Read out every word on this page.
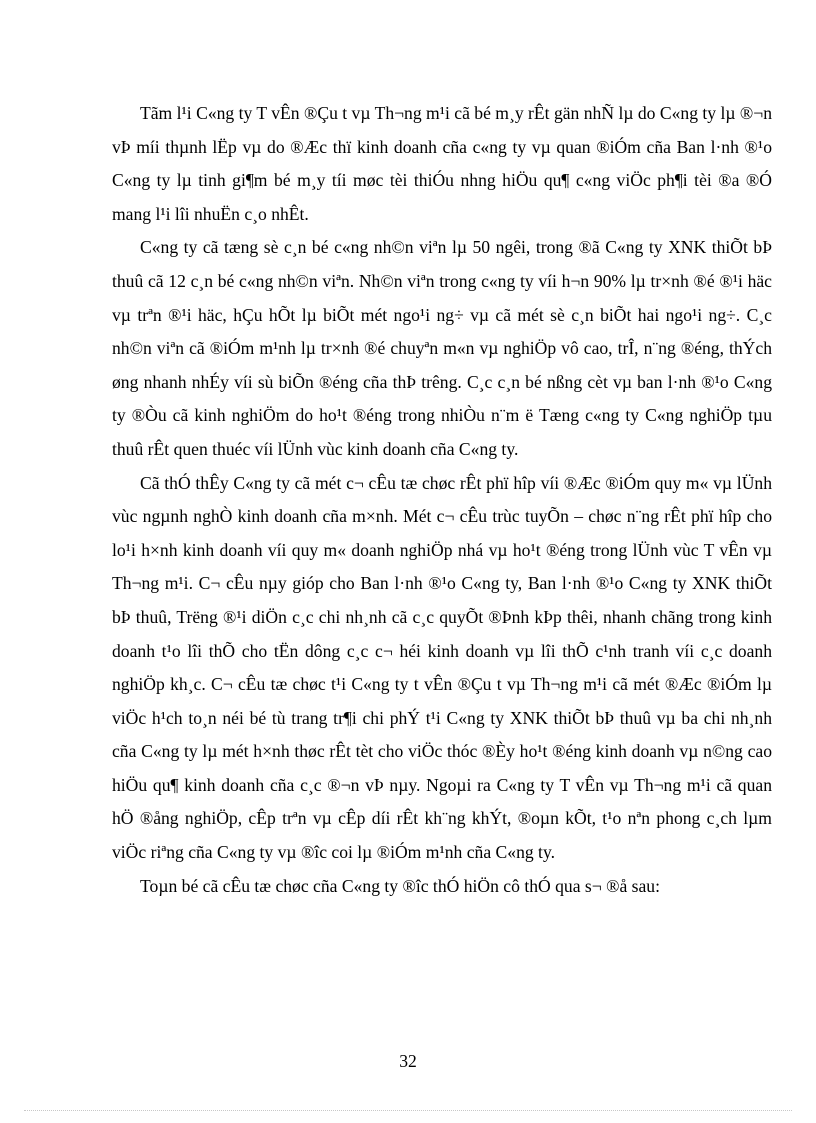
Tãm l¹i C«ng ty T vÊn ®Çu t vµ Th¬ng m¹i cã bé m¸y rÊt gän nhÑ lµ do C«ng ty lµ ®¬n vÞ míi thµnh lËp vµ do ®Æc thï kinh doanh cña c«ng ty vµ quan ®iÓm cña Ban l·nh ®¹o C«ng ty lµ tinh gi¶m bé m¸y tíi møc tèi thiÓu nhng hiÖu qu¶ c«ng viÖc ph¶i tèi ®a ®Ó mang l¹i lîi nhuËn c¸o nhÊt.

C«ng ty cã tæng sè c¸n bé c«ng nh©n viªn lµ 50 ngêi, trong ®ã C«ng ty XNK thiÕt bÞ thuû cã 12 c¸n bé c«ng nh©n viªn. Nh©n viªn trong c«ng ty víi h¬n 90% lµ tr×nh ®é ®¹i häc vµ trªn ®¹i häc, hÇu hÕt lµ biÕt mét ngo¹i ng÷ vµ cã mét sè c¸n biÕt hai ngo¹i ng÷. C¸c nh©n viªn cã ®iÓm m¹nh lµ tr×nh ®é chuyªn m«n vµ nghiÖp vô cao, trÎ, n¨ng ®éng, thÝch øng nhanh nhÉy víi sù biÕn ®éng cña thÞ trêng. C¸c c¸n bé nßng cèt vµ ban l·nh ®¹o C«ng ty ®Òu cã kinh nghiÖm do ho¹t ®éng trong nhiÒu n¨m ë Tæng c«ng ty C«ng nghiÖp tµu thuû rÊt quen thuéc víi lÜnh vùc kinh doanh cña C«ng ty.

Cã thÓ thÊy C«ng ty cã mét c¬ cÊu tæ chøc rÊt phï hîp víi ®Æc ®iÓm quy m« vµ lÜnh vùc ngµnh nghÒ kinh doanh cña m×nh. Mét c¬ cÊu trùc tuyÕn – chøc n¨ng rÊt phï hîp cho lo¹i h×nh kinh doanh víi quy m« doanh nghiÖp nhá vµ ho¹t ®éng trong lÜnh vùc T vÊn vµ Th¬ng m¹i. C¬ cÊu nµy gióp cho Ban l·nh ®¹o C«ng ty, Ban l·nh ®¹o C«ng ty XNK thiÕt bÞ thuû, Trëng ®¹i diÖn c¸c chi nh¸nh cã c¸c quyÕt ®Þnh kÞp thêi, nhanh chãng trong kinh doanh t¹o lîi thÕ cho tËn dông c¸c c¬ héi kinh doanh vµ lîi thÕ c¹nh tranh víi c¸c doanh nghiÖp kh¸c. C¬ cÊu tæ chøc t¹i C«ng ty t vÊn ®Çu t vµ Th¬ng m¹i cã mét ®Æc ®iÓm lµ viÖc h¹ch to¸n néi bé tù trang tr¶i chi phÝ t¹i C«ng ty XNK thiÕt bÞ thuû vµ ba chi nh¸nh cña C«ng ty lµ mét h×nh thøc rÊt tèt cho viÖc thóc ®Èy ho¹t ®éng kinh doanh vµ n©ng cao hiÖu qu¶ kinh doanh cña c¸c ®¬n vÞ nµy. Ngoµi ra C«ng ty T vÊn vµ Th¬ng m¹i cã quan hÖ ®ång nghiÖp, cÊp trªn vµ cÊp díi rÊt kh¨ng khÝt, ®oµn kÕt, t¹o nªn phong c¸ch lµm viÖc riªng cña C«ng ty vµ ®îc coi lµ ®iÓm m¹nh cña C«ng ty.

Toµn bé cã cÊu tæ chøc cña C«ng ty ®îc thÓ hiÖn cô thÓ qua s¬ ®å sau:

32
